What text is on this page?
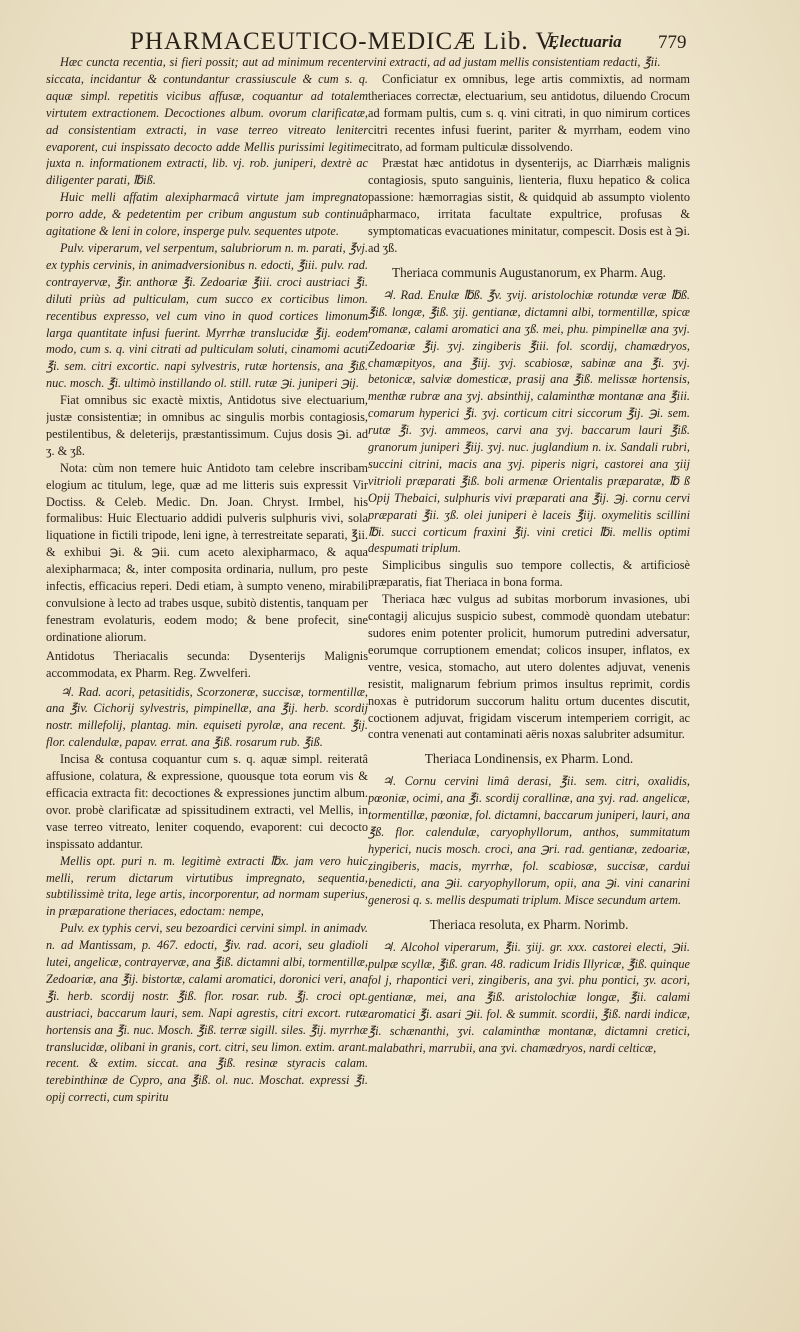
PHARMACEUTICO-MEDICÆ Lib. V.
Electuaria 779

Hæc cuncta recentia, si fieri possit; aut ad minimum recenter siccata, incidantur & contundantur crassiuscule & cum s. q. aquæ simpl. repetitis vicibus affusæ, coquantur ad totalem virtutem extractionem. Decoctiones album. ovorum clarificatæ, ad consistentiam extracti, in vase terreo vitreato leniter evaporent, cui inspissato decocto adde Mellis purissimi legitime juxta n. informationem extracti, lib. vj. rob. juniperi, dextrè ac diligenter parati, ℔iß.

Huic melli affatim alexipharmacâ virtute jam impregnato porro adde, & pedetentim per cribum angustum sub continuâ agitatione & leni in colore, insperge pulv. sequentes utpote.

Pulv. viperarum, vel serpentum, salubriorum n. m. parati, ℥vj. ex typhis cervinis, in animadversionibus n. edocti, ℥iii. pulv. rad. contrayervæ, ℥ir. anthoræ ℥i. Zedoariæ ℥iii. croci austriaci ℥i. diluti priùs ad pulticulam, cum succo ex corticibus limon. recentibus expresso, vel cum vino in quod cortices limonum larga quantitate infusi fuerint. Myrrhæ translucidæ ℥ij. eodem modo, cum s. q. vini citrati ad pulticulam soluti, cinamomi acuti ℥i. sem. citri excortic. napi sylvestris, rutæ hortensis, ana ℥iß. nuc. mosch. ℥i. ultimò instillando ol. still. rutæ ℈i. juniperi ℈ij.

Fiat omnibus sic exactè mixtis, Antidotus sive electuarium, justæ consistentiæ; in omnibus ac singulis morbis contagiosis, pestilentibus, & deleterijs, præstantissimum. Cujus dosis ℈i. ad ʒ. & ʒß.

Nota: cùm non temere huic Antidoto tam celebre inscribam elogium ac titulum, lege, quæ ad me litteris suis expressit Vir Doctiss. & Celeb. Medic. Dn. Joan. Chryst. Irmbel, his formalibus: Huic Electuario addidi pulveris sulphuris vivi, sola liquatione in fictili tripode, leni igne, à terrestreitate separati, ℥ii. & exhibui ℈i. & ℈ii. cum aceto alexipharmaco, & aqua alexipharmaca; &, inter composita ordinaria, nullum, pro peste infectis, efficacius reperi. Dedi etiam, à sumpto veneno, mirabili convulsione à lecto ad trabes usque, subitò distentis, tanquam per fenestram evolaturis, eodem modo; & bene profecit, sine ordinatione aliorum.

Antidotus Theriacalis secunda: Dysenterijs Malignis accommodata, ex Pharm. Reg. Zwvelferi.

♃. Rad. acori, petasitidis, Scorzoneræ, succisæ, tormentillæ, ana ℥iv. Cichorij sylvestris, pimpinellæ, ana ℥ij. herb. scordij nostr. millefolij, plantag. min. equiseti pyrolæ, ana recent. ℥ij. flor. calendulæ, papav. errat. ana ℥iß. rosarum rub. ℥iß.

Incisa & contusa coquantur cum s. q. aquæ simpl. reiteratâ affusione, colatura, & expressione, quousque tota eorum vis & efficacia extracta fit: decoctiones & expressiones junctim album. ovor. probè clarificatæ ad spissitudinem extracti, vel Mellis, in vase terreo vitreato, leniter coquendo, evaporent: cui decocto inspissato addantur.

Mellis opt. puri n. m. legitimè extracti ℔x. jam vero huic melli, rerum dictarum virtutibus impregnato, sequentia, subtilissimè trita, lege artis, incorporentur, ad normam superius, in præparatione theriaces, edoctam: nempe,

Pulv. ex typhis cervi, seu bezoardici cervini simpl. in animadv. n. ad Mantissam, p. 467. edocti, ℥iv. rad. acori, seu gladioli lutei, angelicæ, contrayervæ, ana ℥iß. dictamni albi, tormentillæ, Zedoariæ, ana ℥ij. bistortæ, calami aromatici, doronici veri, ana ℥i. herb. scordij nostr. ℥iß. flor. rosar. rub. ℥j. croci opt. austriaci, baccarum lauri, sem. Napi agrestis, citri excort. rutæ hortensis ana ℥i. nuc. Mosch. ℥iß. terræ sigill. siles. ℥ij. myrrhæ translucidæ, olibani in granis, cort. citri, seu limon. extim. arant. recent. & extim. siccat. ana ℥iß. resinæ styracis calam. terebinthinæ de Cypro, ana ℥iß. ol. nuc. Moschat. expressi ℥i. opij correcti, cum spiritu

vini extracti, ad ad justam mellis consistentiam redacti, ℥ii.

Conficiatur ex omnibus, lege artis commixtis, ad normam theriaces correctæ, electuarium, seu antidotus, diluendo Crocum ad formam pultis, cum s. q. vini citrati, in quo nimirum cortices citri recentes infusi fuerint, pariter & myrrham, eodem vino citrato, ad formam pulticulæ dissolvendo.

Præstat hæc antidotus in dysenterijs, ac Diarrhæis malignis contagiosis, sputo sanguinis, lienteria, fluxu hepatico & colica passione: hæmorragias sistit, & quidquid ab assumpto violento pharmaco, irritata facultate expultrice, profusas & symptomaticas evacuationes minitatur, compescit. Dosis est à ℈i. ad ʒß.

Theriaca communis Augustanorum, ex Pharm. Aug.

♃. Rad. Enulæ ℔ß. ℥v. ʒvij. aristolochiæ rotundæ veræ ℔ß. ℥iß. longæ, ℥iß. ʒij. gentianæ, dictamni albi, tormentillæ, spicæ romanæ, calami aromatici ana ʒß. mei, phu. pimpinellæ ana ʒvj. Zedoariæ ℥ij. ʒvj. zingiberis ℥iii. fol. scordij, chamædryos, chamæpityos, ana ℥iij. ʒvj. scabiosæ, sabinæ ana ℥i. ʒvj. betonicæ, salviæ domesticæ, prasij ana ℥iß. melissæ hortensis, menthæ rubræ ana ʒvj. absinthij, calaminthæ montanæ ana ℥iii. comarum hyperici ℥i. ʒvj. corticum citri siccorum ℥ij. ℈i. sem. rutæ ℥i. ʒvj. ammeos, carvi ana ʒvj. baccarum lauri ℥iß. granorum juniperi ℥iij. ʒvj. nuc. juglandium n. ix. Sandali rubri, succini citrini, macis ana ʒvj. piperis nigri, castorei ana ʒiij vitrioli præparati ℥iß. boli armenæ Orientalis præparatæ, ℔ ß Opij Thebaici, sulphuris vivi præparati ana ℥ij. ℈j. cornu cervi præparati ℥ii. ʒß. olei juniperi è laceis ℥iij. oxymelitis scillini ℔i. succi corticum fraxini ℥ij. vini cretici ℔i. mellis optimi despumati triplum.

Simplicibus singulis suo tempore collectis, & artificiosè præparatis, fiat Theriaca in bona forma.

Theriaca hæc vulgus ad subitas morborum invasiones, ubi contagij alicujus suspicio subest, commodè quondam utebatur: sudores enim potenter prolicit, humorum putredini adversatur, eorumque corruptionem emendat; colicos insuper, inflatos, ex ventre, vesica, stomacho, aut utero dolentes adjuvat, venenis resistit, malignarum febrium primos insultus reprimit, cordis noxas è putridorum succorum halitu ortum ducentes discutit, coctionem adjuvat, frigidam viscerum intemperiem corrigit, ac contra venenati aut contaminati aëris noxas salubriter adsumitur.

Theriaca Londinensis, ex Pharm. Lond.

♃. Cornu cervini limâ derasi, ℥ii. sem. citri, oxalidis, pœoniæ, ocimi, ana ℥i. scordij corallinæ, ana ʒvj. rad. angelicæ, tormentillæ, pœoniæ, fol. dictamni, baccarum juniperi, lauri, ana ℥ß. flor. calendulæ, caryophyllorum, anthos, summitatum hyperici, nucis mosch. croci, ana ℈ri. rad. gentianæ, zedoariæ, zingiberis, macis, myrrhæ, fol. scabiosæ, succisæ, cardui benedicti, ana ℈ii. caryophyllorum, opii, ana ℈i. vini canarini generosi q. s. mellis despumati triplum. Misce secundum artem.

Theriaca resoluta, ex Pharm. Norimb.

♃. Alcohol viperarum, ℥ii. ʒiij. gr. xxx. castorei electi, ℈ii. pulpæ scyllæ, ℥iß. gran. 48. radicum Iridis Illyricæ, ℥iß. quinque fol j, rhapontici veri, zingiberis, ana ʒvi. phu pontici, ʒv. acori, gentianæ, mei, ana ℥iß. aristolochiæ longæ, ℥ii. calami aromatici ℥i. asari ℈ii. fol. & summit. scordii, ℥iß. nardi indicæ, ℥i. schænanthi, ʒvi. calaminthæ montanæ, dictamni cretici, malabathri, marrubii, ana ʒvi. chamædryos, nardi celticæ,
